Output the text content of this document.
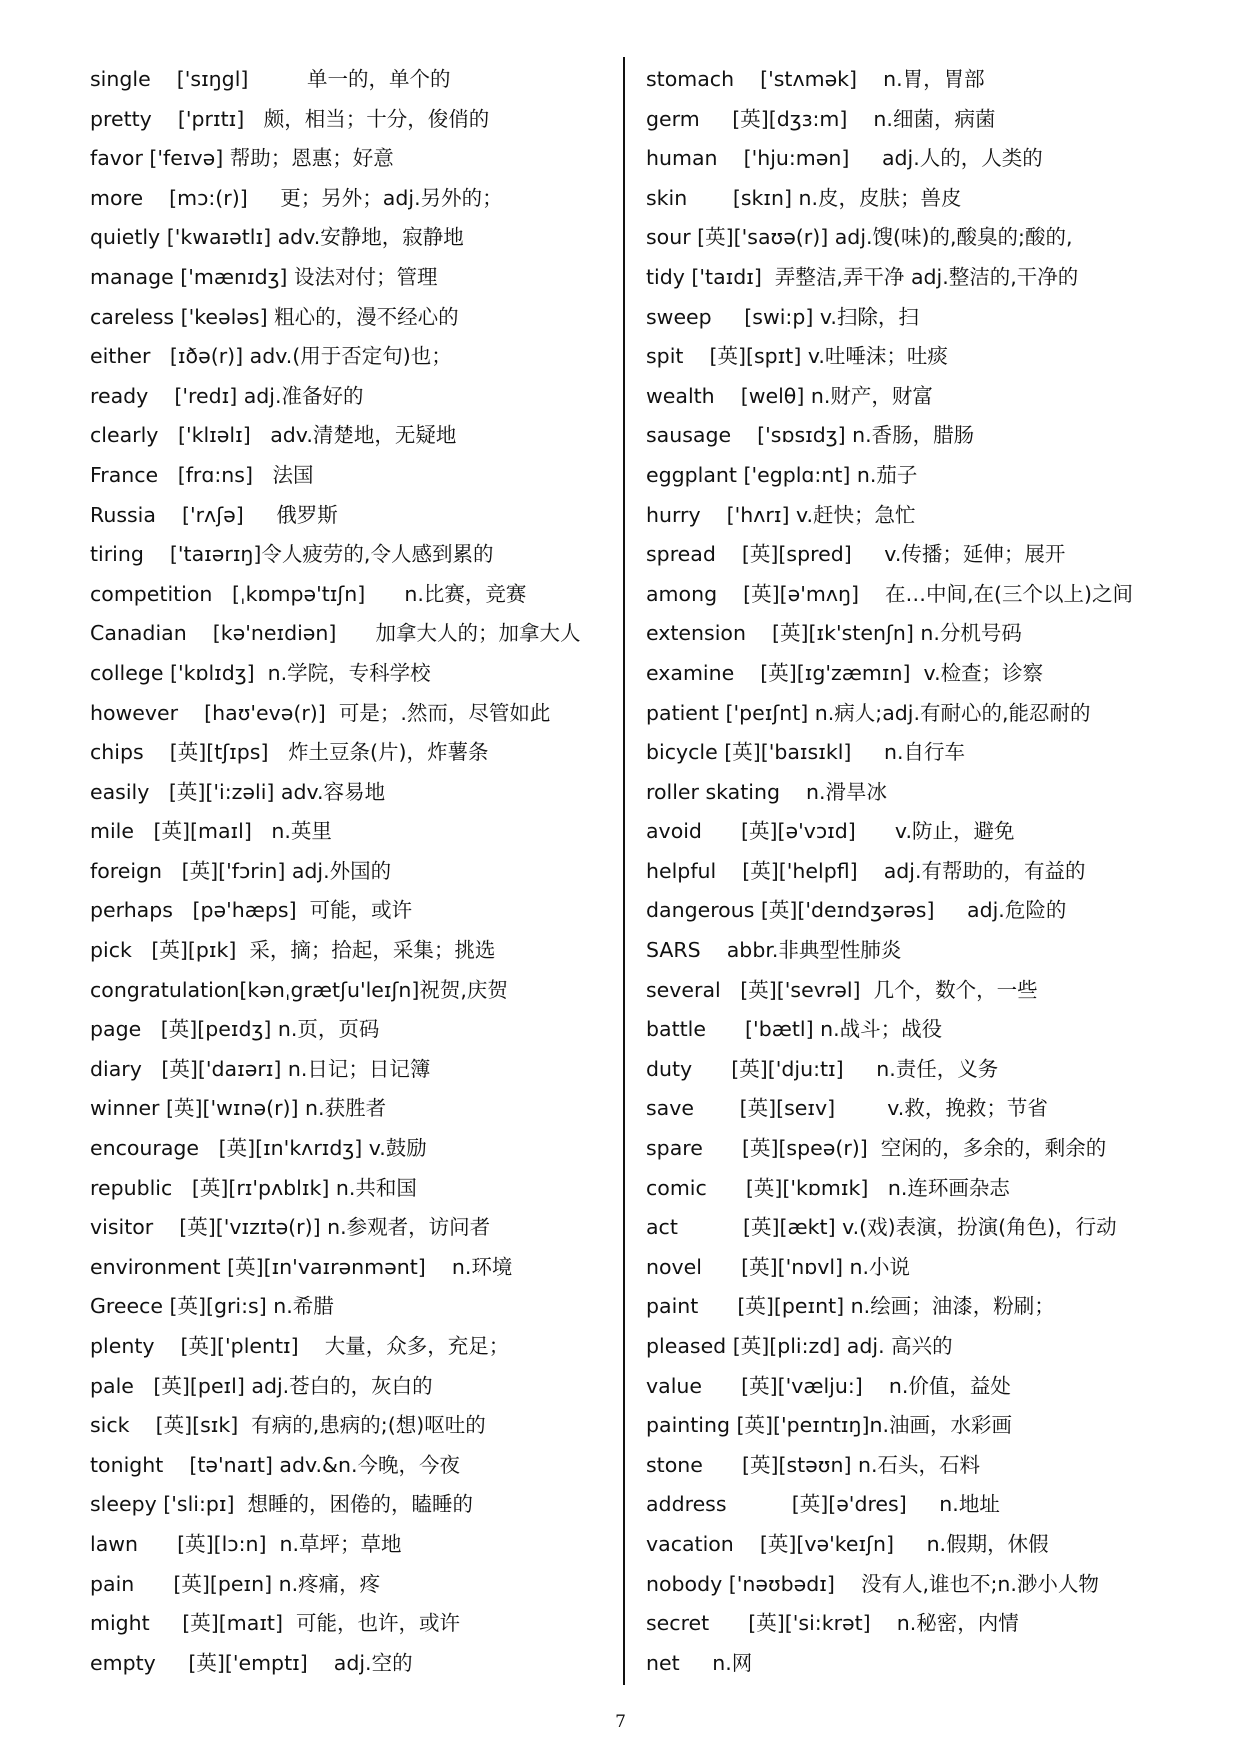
single    ['sɪŋgl]         单一的，单个的
pretty    ['prɪtɪ]   颇，相当；十分，俊俏的
favor ['feɪvə] 帮助；恩惠；好意
more    [mɔ:(r)]     更；另外；adj.另外的；
quietly ['kwaɪətlɪ] adv.安静地，寂静地
manage ['mænɪdʒ] 设法对付；管理
careless ['keələs] 粗心的，漫不经心的
either   [ɪðə(r)] adv.(用于否定句)也；
ready    ['redɪ] adj.准备好的
clearly   ['klɪəlɪ]   adv.清楚地，无疑地
France   [frɑ:ns]   法国
Russia    ['rʌʃə]     俄罗斯
tiring    ['taɪərɪŋ]令人疲劳的,令人感到累的
competition   [ˌkɒmpə'tɪʃn]      n.比赛，竞赛
Canadian    [kə'neɪdiən]      加拿大人的；加拿大人
college ['kɒlɪdʒ]  n.学院，专科学校
however    [haʊ'evə(r)]  可是；.然而，尽管如此
chips    [英][tʃɪps]   炸土豆条(片)，炸薯条
easily   [英]['i:zəli] adv.容易地
mile   [英][maɪl]   n.英里
foreign   [英]['fɔrin] adj.外国的
perhaps   [pə'hæps]  可能，或许
pick   [英][pɪk]  采，摘；拾起，采集；挑选
congratulation[kənˌgrætʃu'leɪʃn]祝贺,庆贺
page   [英][peɪdʒ] n.页，页码
diary   [英]['daɪərɪ] n.日记；日记簿
winner [英]['wɪnə(r)] n.获胜者
encourage   [英][ɪn'kʌrɪdʒ] v.鼓励
republic   [英][rɪ'pʌblɪk] n.共和国
visitor    [英]['vɪzɪtə(r)] n.参观者，访问者
environment [英][ɪn'vaɪrənmənt]    n.环境
Greece [英][gri:s] n.希腊
plenty    [英]['plentɪ]    大量，众多，充足；
pale   [英][peɪl] adj.苍白的，灰白的
sick    [英][sɪk]  有病的,患病的;(想)呕吐的
tonight    [tə'naɪt] adv.&n.今晚，今夜
sleepy ['sli:pɪ]  想睡的，困倦的，瞌睡的
lawn      [英][lɔ:n]  n.草坪；草地
pain      [英][peɪn] n.疼痛，疼
might     [英][maɪt]  可能，也许，或许
empty     [英]['emptɪ]    adj.空的
stomach    ['stʌmək]    n.胃，胃部
germ     [英][dʒɜ:m]    n.细菌，病菌
human    ['hju:mən]     adj.人的，人类的
skin       [skɪn] n.皮，皮肤；兽皮
sour [英]['saʊə(r)] adj.馊(味)的,酸臭的;酸的,
tidy ['taɪdɪ]  弄整洁,弄干净 adj.整洁的,干净的
sweep     [swi:p] v.扫除，扫
spit    [英][spɪt] v.吐唾沫；吐痰
wealth    [welθ] n.财产，财富
sausage    ['sɒsɪdʒ] n.香肠，腊肠
eggplant ['egplɑ:nt] n.茄子
hurry    ['hʌrɪ] v.赶快；急忙
spread    [英][spred]     v.传播；延伸；展开
among    [英][ə'mʌŋ]    在…中间,在(三个以上)之间
extension    [英][ɪk'stenʃn] n.分机号码
examine    [英][ɪg'zæmɪn]  v.检查；诊察
patient ['peɪʃnt] n.病人;adj.有耐心的,能忍耐的
bicycle [英]['baɪsɪkl]     n.自行车
roller skating    n.滑旱冰
avoid      [英][ə'vɔɪd]      v.防止，避免
helpful    [英]['helpfl]    adj.有帮助的，有益的
dangerous [英]['deɪndʒərəs]     adj.危险的
SARS    abbr.非典型性肺炎
several   [英]['sevrəl]  几个，数个，一些
battle      ['bætl] n.战斗；战役
duty      [英]['dju:tɪ]     n.责任，义务
save       [英][seɪv]        v.救，挽救；节省
spare      [英][speə(r)]  空闲的，多余的，剩余的
comic      [英]['kɒmɪk]   n.连环画杂志
act          [英][ækt] v.(戏)表演，扮演(角色)，行动
novel      [英]['nɒvl] n.小说
paint      [英][peɪnt] n.绘画；油漆，粉刷；
pleased [英][pli:zd] adj. 高兴的
value      [英]['vælju:]    n.价值，益处
painting [英]['peɪntɪŋ]n.油画，水彩画
stone      [英][stəʊn] n.石头，石料
address          [英][ə'dres]     n.地址
vacation    [英][və'keɪʃn]     n.假期，休假
nobody ['nəʊbədɪ]    没有人,谁也不;n.渺小人物
secret      [英]['si:krət]    n.秘密，内情
net     n.网
7
